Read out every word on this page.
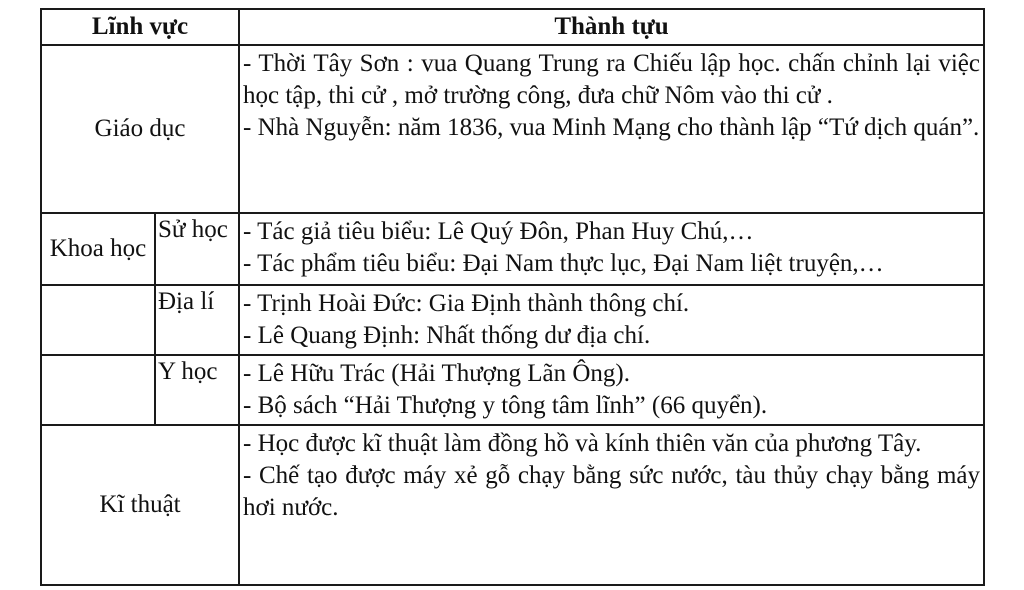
Lĩnh vực		Thành tựu
Giáo dục		- Thời Tây Sơn : vua Quang Trung ra Chiếu lập học. chấn chỉnh lại việc học tập, thi cử , mở trường công, đưa chữ Nôm vào thi cử .

- Nhà Nguyễn: năm 1836, vua Minh Mạng cho thành lập “Tứ dịch quán”.

Khoa học	Sử học	- Tác giả tiêu biểu: Lê Quý Đôn, Phan Huy Chú,…

- Tác phẩm tiêu biểu: Đại Nam thực lục, Đại Nam liệt truyện,…

	Địa lí	- Trịnh Hoài Đức: Gia Định thành thông chí.

- Lê Quang Định: Nhất thống dư địa chí.

	Y học	- Lê Hữu Trác (Hải Thượng Lãn Ông).

- Bộ sách “Hải Thượng y tông tâm lĩnh” (66 quyển).

Kĩ thuật		- Học được kĩ thuật làm đồng hồ và kính thiên văn của phương Tây.

- Chế tạo được máy xẻ gỗ chạy bằng sức nước, tàu thủy chạy bằng máy hơi nước.
